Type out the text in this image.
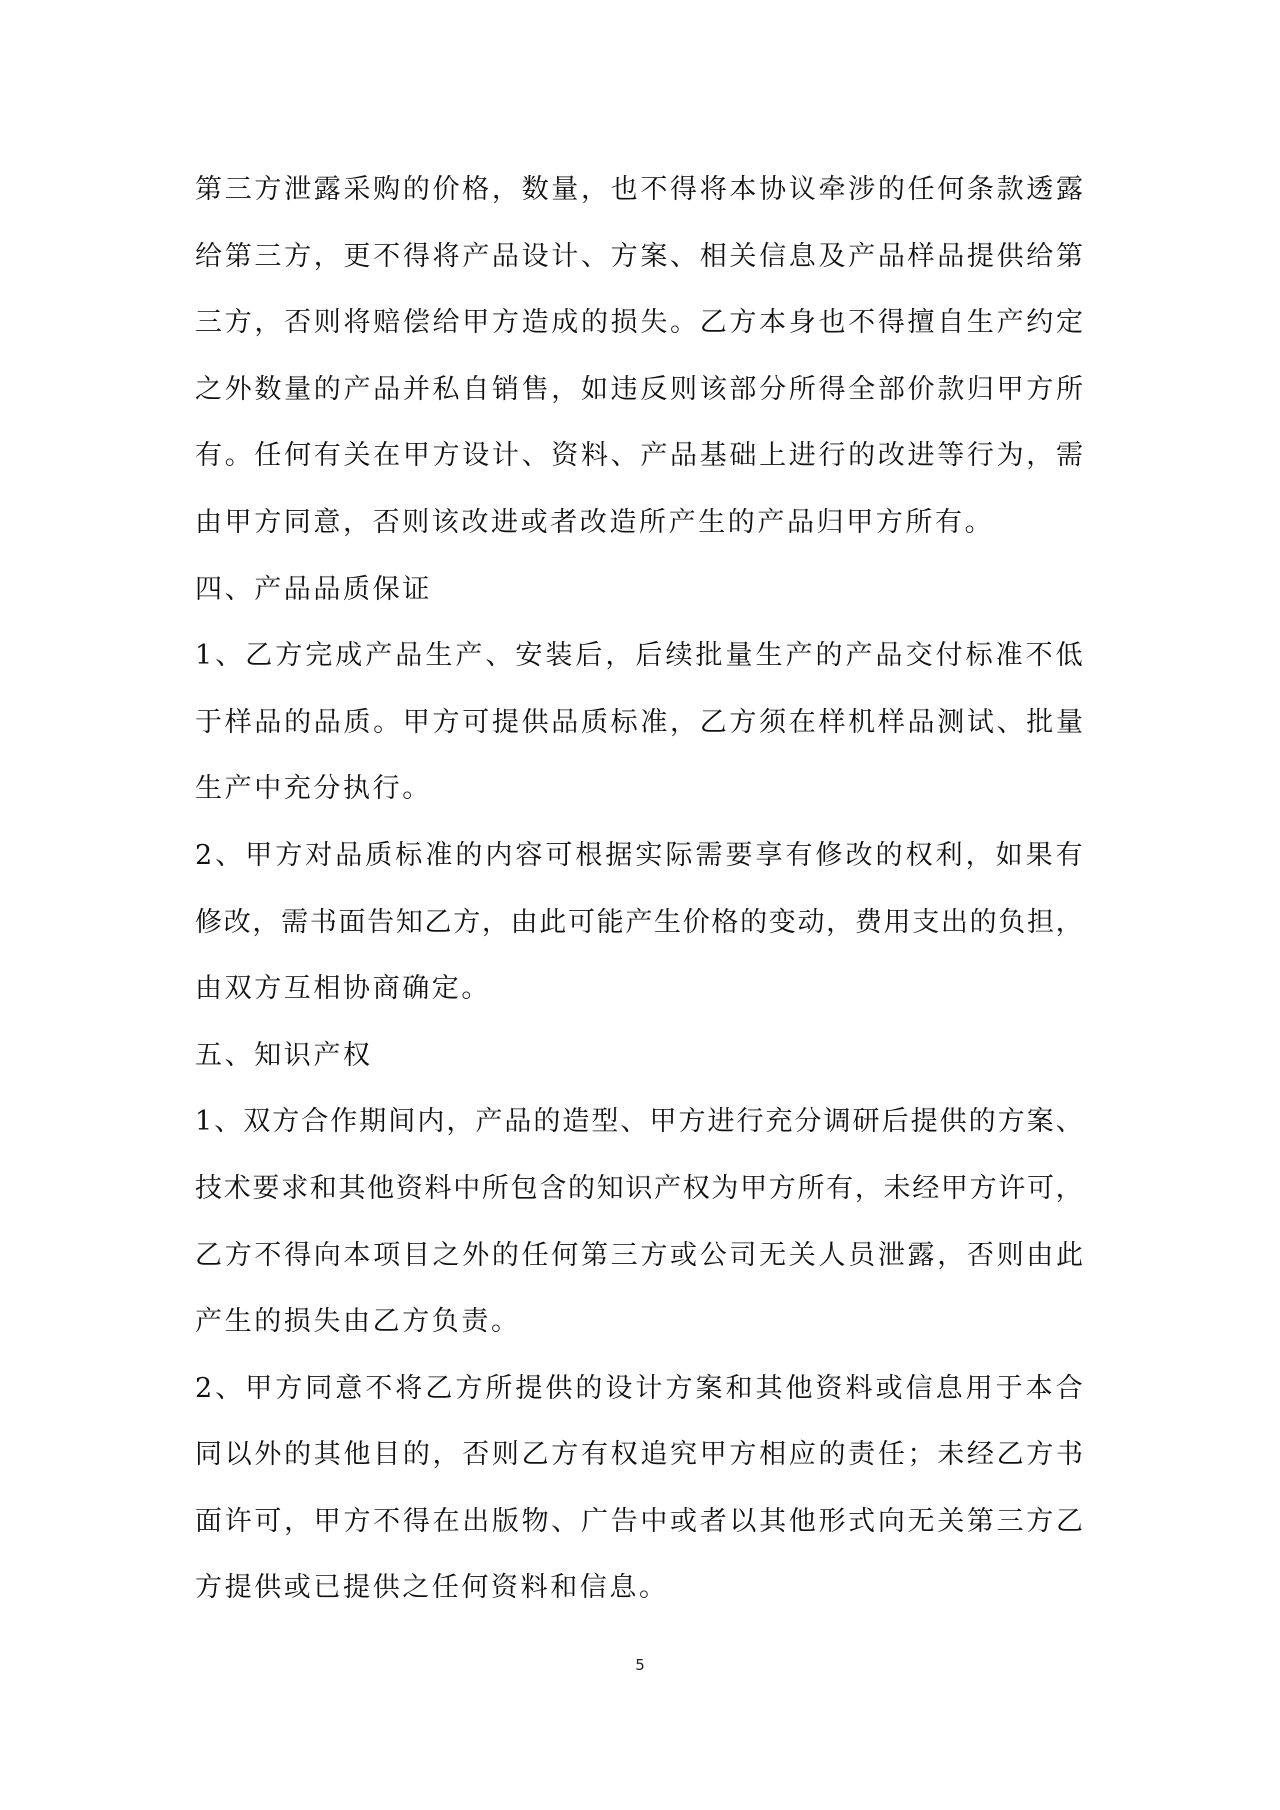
第 三 方 泄 露 采 购 的 价 格 ， 数 量 ， 也 不 得 将 本 协 议 牵 涉 的 任 何 条 款 透 露
给 第 三 方 ， 更 不 得 将 产 品 设 计 、 方 案 、 相 关 信 息 及 产 品 样 品 提 供 给 第
三 方 ， 否 则 将 赔 偿 给 甲 方 造 成 的 损 失 。 乙 方 本 身 也 不 得 擅 自 生 产 约 定
之 外 数 量 的 产 品 并 私 自 销 售 ， 如 违 反 则 该 部 分 所 得 全 部 价 款 归 甲 方 所
有 。 任 何 有 关 在 甲 方 设 计 、 资 料 、 产 品 基 础 上 进 行 的 改 进 等 行 为 ， 需
由甲方同意，否则该改进或者改造所产生的产品归甲方所有。
四、产品品质保证
1 、 乙 方 完 成 产 品 生 产 、 安 装 后 ， 后 续 批 量 生 产 的 产 品 交 付 标 准 不 低
于 样 品 的 品 质 。 甲 方 可 提 供 品 质 标 准 ， 乙 方 须 在 样 机 样 品 测 试 、 批 量
生产中充分执行。
2 、 甲 方 对 品 质 标 准 的 内 容 可 根 据 实 际 需 要 享 有 修 改 的 权 利 ， 如 果 有
修 改 ， 需 书 面 告 知 乙 方 ， 由 此 可 能 产 生 价 格 的 变 动 ， 费 用 支 出 的 负 担 ，
由双方互相协商确定。
五、知识产权
1 、 双 方 合 作 期 间 内 ， 产 品 的 造 型 、 甲 方 进 行 充 分 调 研 后 提 供 的 方 案 、
技 术 要 求 和 其 他 资 料 中 所 包 含 的 知 识 产 权 为 甲 方 所 有 ， 未 经 甲 方 许 可 ，
乙 方 不 得 向 本 项 目 之 外 的 任 何 第 三 方 或 公 司 无 关 人 员 泄 露 ， 否 则 由 此
产生的损失由乙方负责。
2 、 甲 方 同 意 不 将 乙 方 所 提 供 的 设 计 方 案 和 其 他 资 料 或 信 息 用 于 本 合
同 以 外 的 其 他 目 的 ， 否 则 乙 方 有 权 追 究 甲 方 相 应 的 责 任 ； 未 经 乙 方 书
面 许 可 ， 甲 方 不 得 在 出 版 物 、 广 告 中 或 者 以 其 他 形 式 向 无 关 第 三 方 乙
方提供或已提供之任何资料和信息。
5
